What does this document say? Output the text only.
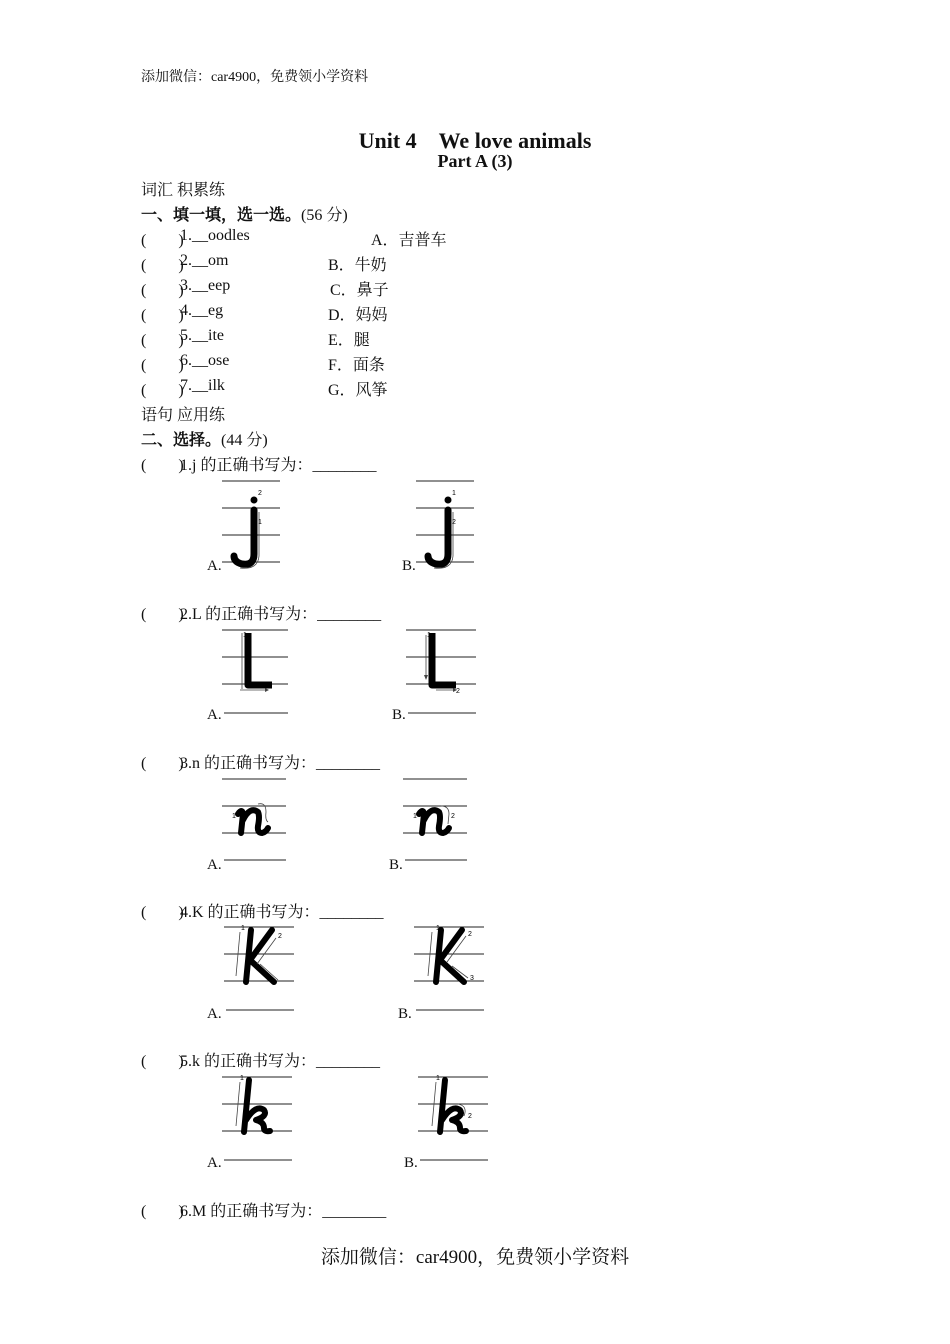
添加微信：car4900，免费领小学资料
Unit 4　We love animals
Part A (3)
词汇 积累练
一、填一填，选一选。(56 分)
(　　)
1.__oodles	A．吉普车
(　　)
2.__om	B．牛奶
(　　)
3.__eep	C．鼻子
(　　)
4.__eg	D．妈妈
(　　)
5.__ite	E．腿
(　　)
6.__ose	F．面条
(　　)
7.__ilk	G．风筝
语句 应用练
二、选择。(44 分)
(　　)
1.j 的正确书写为：________
A.
2
1
B.
1
2
(　　)
2.L 的正确书写为：________
A.
1
B.
1
2
(　　)
3.n 的正确书写为：________
A.
1
B.
1	2
(　　)
4.K 的正确书写为：________
A.
1
2
B.
1
2
3
(　　)
5.k 的正确书写为：________
A.
1
B.
1
2
(　　)
6.M 的正确书写为：________
添加微信：car4900，免费领小学资料
